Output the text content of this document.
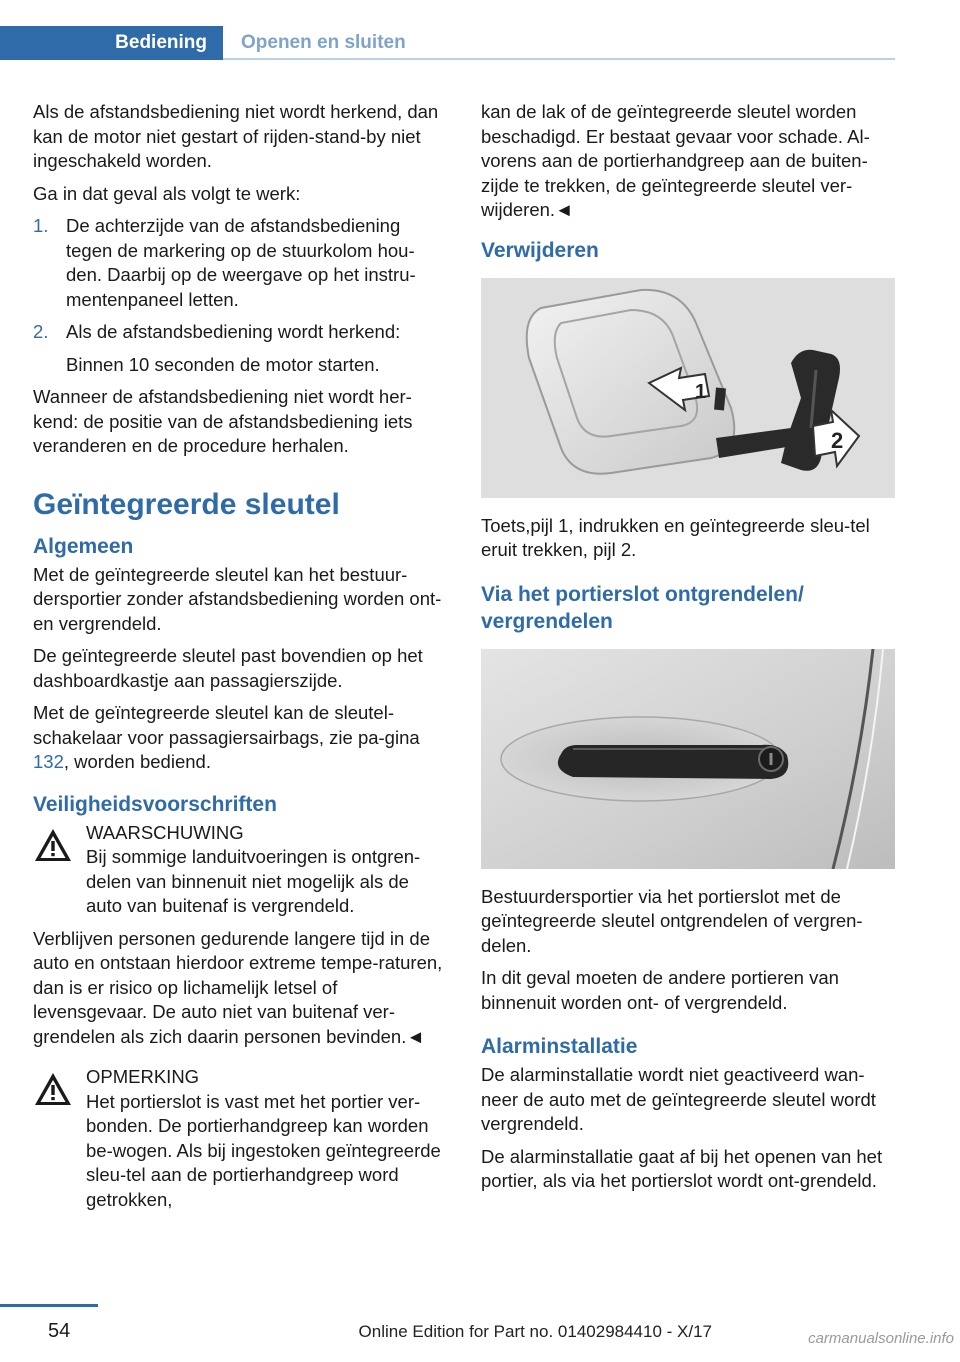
Bediening	Openen en sluiten

Als de afstandsbediening niet wordt herkend, dan kan de motor niet gestart of rijden-stand-by niet ingeschakeld worden.

Ga in dat geval als volgt te werk:

1. De achterzijde van de afstandsbediening tegen de markering op de stuurkolom hou-den. Daarbij op de weergave op het instru-mentenpaneel letten.
2. Als de afstandsbediening wordt herkend:
Binnen 10 seconden de motor starten.

Wanneer de afstandsbediening niet wordt her-kend: de positie van de afstandsbediening iets veranderen en de procedure herhalen.

Geïntegreerde sleutel
Algemeen

Met de geïntegreerde sleutel kan het bestuur-dersportier zonder afstandsbediening worden ont- en vergrendeld.

De geïntegreerde sleutel past bovendien op het dashboardkastje aan passagierszijde.

Met de geïntegreerde sleutel kan de sleutel-schakelaar voor passagiersairbags, zie pa-gina 132, worden bediend.

Veiligheidsvoorschriften
WAARSCHUWING

Bij sommige landuitvoeringen is ontgren-delen van binnenuit niet mogelijk als de auto van buitenaf is vergrendeld.

Verblijven personen gedurende langere tijd in de auto en ontstaan hierdoor extreme tempe-raturen, dan is er risico op lichamelijk letsel of levensgevaar. De auto niet van buitenaf ver-grendelen als zich daarin personen bevinden.◄

OPMERKING

Het portierslot is vast met het portier ver-bonden. De portierhandgreep kan worden be-wogen. Als bij ingestoken geïntegreerde sleu-tel aan de portierhandgreep word getrokken,

kan de lak of de geïntegreerde sleutel worden beschadigd. Er bestaat gevaar voor schade. Al-vorens aan de portierhandgreep aan de buiten-zijde te trekken, de geïntegreerde sleutel ver-wijderen.◄

Verwijderen
1
2

Toets,pijl 1, indrukken en geïntegreerde sleu-tel eruit trekken, pijl 2.

Via het portierslot ontgrendelen/ vergrendelen

Bestuurdersportier via het portierslot met de geïntegreerde sleutel ontgrendelen of vergren-delen.

In dit geval moeten de andere portieren van binnenuit worden ont- of vergrendeld.

Alarminstallatie

De alarminstallatie wordt niet geactiveerd wan-neer de auto met de geïntegreerde sleutel wordt vergrendeld.

De alarminstallatie gaat af bij het openen van het portier, als via het portierslot wordt ont-grendeld.

54	Online Edition for Part no. 01402984410 - X/17	carmanualsonline.info
